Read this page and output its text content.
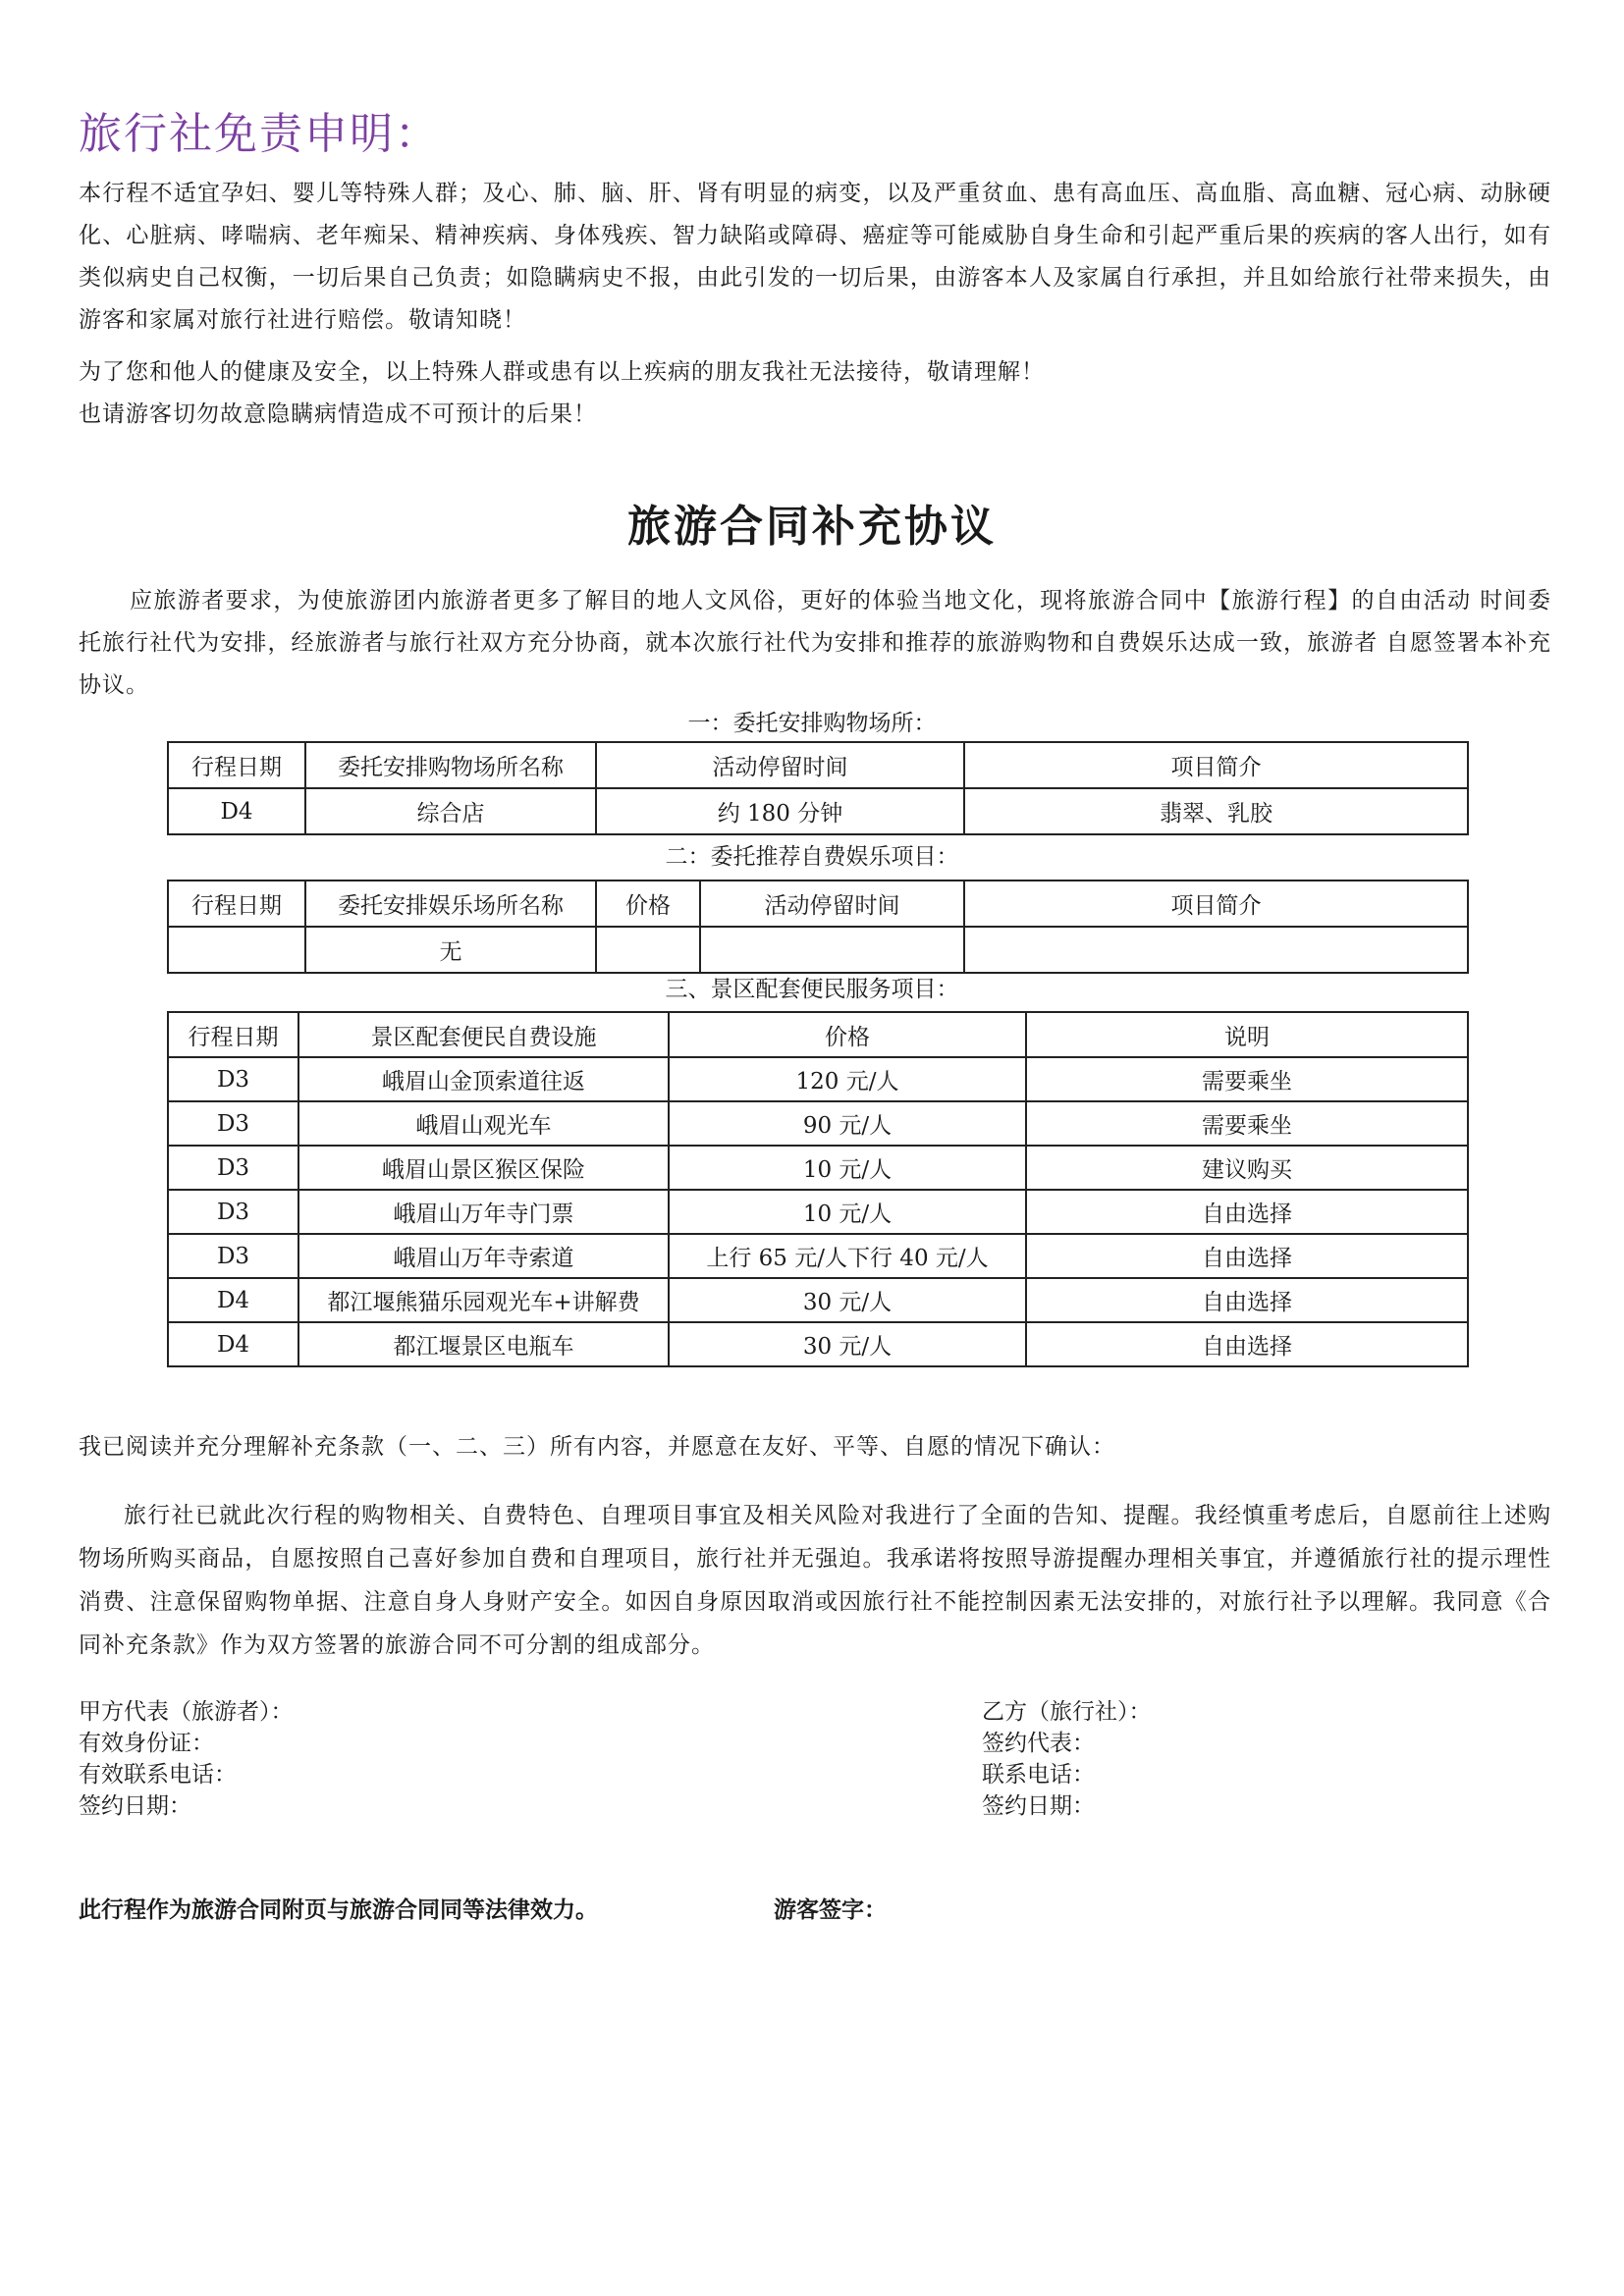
旅行社免责申明：

本行程不适宜孕妇、婴儿等特殊人群；及心、肺、脑、肝、肾有明显的病变，以及严重贫血、患有高血压、高血脂、高血糖、冠心病、动脉硬化、心脏病、哮喘病、老年痴呆、精神疾病、身体残疾、智力缺陷或障碍、癌症等可能威胁自身生命和引起严重后果的疾病的客人出行，如有类似病史自己权衡，一切后果自己负责；如隐瞒病史不报，由此引发的一切后果，由游客本人及家属自行承担，并且如给旅行社带来损失，由游客和家属对旅行社进行赔偿。敬请知晓！

为了您和他人的健康及安全，以上特殊人群或患有以上疾病的朋友我社无法接待，敬请理解！

也请游客切勿故意隐瞒病情造成不可预计的后果！

旅游合同补充协议

应旅游者要求，为使旅游团内旅游者更多了解目的地人文风俗，更好的体验当地文化，现将旅游合同中【旅游行程】的自由活动 时间委托旅行社代为安排，经旅游者与旅行社双方充分协商，就本次旅行社代为安排和推荐的旅游购物和自费娱乐达成一致，旅游者 自愿签署本补充协议。

一：委托安排购物场所：

行程日期	委托安排购物场所名称	活动停留时间	项目简介
D4	综合店	约 180 分钟	翡翠、乳胶

二：委托推荐自费娱乐项目：

行程日期	委托安排娱乐场所名称	价格	活动停留时间	项目简介
	无			

三、景区配套便民服务项目：

行程日期	景区配套便民自费设施	价格	说明
D3	峨眉山金顶索道往返	120 元/人	需要乘坐
D3	峨眉山观光车	90 元/人	需要乘坐
D3	峨眉山景区猴区保险	10 元/人	建议购买
D3	峨眉山万年寺门票	10 元/人	自由选择
D3	峨眉山万年寺索道	上行 65 元/人下行 40 元/人	自由选择
D4	都江堰熊猫乐园观光车+讲解费	30 元/人	自由选择
D4	都江堰景区电瓶车	30 元/人	自由选择

我已阅读并充分理解补充条款（一、二、三）所有内容，并愿意在友好、平等、自愿的情况下确认：

旅行社已就此次行程的购物相关、自费特色、自理项目事宜及相关风险对我进行了全面的告知、提醒。我经慎重考虑后，自愿前往上述购物场所购买商品，自愿按照自己喜好参加自费和自理项目，旅行社并无强迫。我承诺将按照导游提醒办理相关事宜，并遵循旅行社的提示理性消费、注意保留购物单据、注意自身人身财产安全。如因自身原因取消或因旅行社不能控制因素无法安排的，对旅行社予以理解。我同意《合同补充条款》作为双方签署的旅游合同不可分割的组成部分。

甲方代表（旅游者）：
有效身份证：
有效联系电话：
签约日期：
乙方（旅行社）：
签约代表：
联系电话：
签约日期：

此行程作为旅游合同附页与旅游合同同等法律效力。	游客签字：
